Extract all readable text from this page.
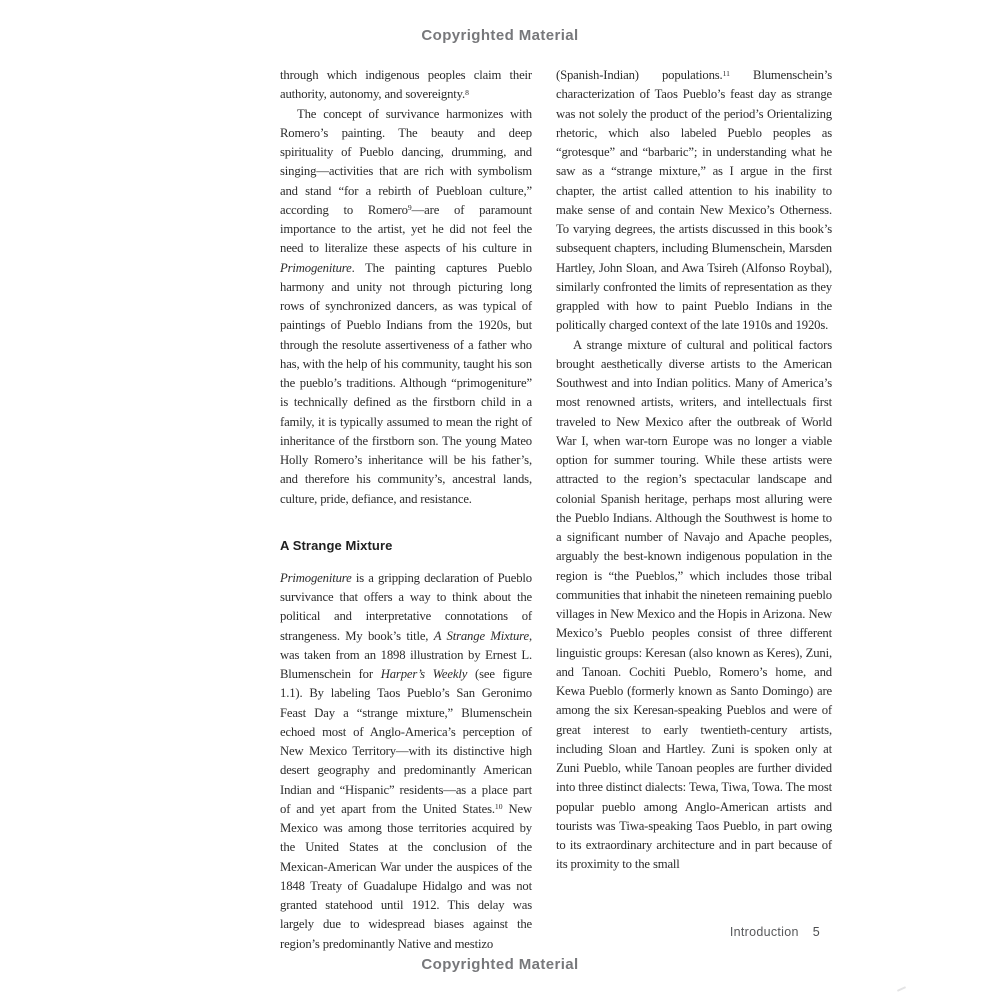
Copyrighted Material

through which indigenous peoples claim their authority, autonomy, and sovereignty.$^8$

The concept of survivance harmonizes with Romero’s painting. The beauty and deep spirituality of Pueblo dancing, drumming, and singing—activities that are rich with symbolism and stand “for a rebirth of Puebloan culture,” according to Romero$^9$—are of paramount importance to the artist, yet he did not feel the need to literalize these aspects of his culture in Primogeniture. The painting captures Pueblo harmony and unity not through picturing long rows of synchronized dancers, as was typical of paintings of Pueblo Indians from the 1920s, but through the resolute assertiveness of a father who has, with the help of his community, taught his son the pueblo’s traditions. Although “primogeniture” is technically defined as the firstborn child in a family, it is typically assumed to mean the right of inheritance of the firstborn son. The young Mateo Holly Romero’s inheritance will be his father’s, and therefore his community’s, ancestral lands, culture, pride, defiance, and resistance.

A Strange Mixture

Primogeniture is a gripping declaration of Pueblo survivance that offers a way to think about the political and interpretative connotations of strangeness. My book’s title, A Strange Mixture, was taken from an 1898 illustration by Ernest L. Blumenschein for Harper’s Weekly (see figure 1.1). By labeling Taos Pueblo’s San Geronimo Feast Day a “strange mixture,” Blumenschein echoed most of Anglo-America’s perception of New Mexico Territory—with its distinctive high desert geography and predominantly American Indian and “Hispanic” residents—as a place part of and yet apart from the United States.$^{10}$ New Mexico was among those territories acquired by the United States at the conclusion of the Mexican-American War under the auspices of the 1848 Treaty of Guadalupe Hidalgo and was not granted statehood until 1912. This delay was largely due to widespread biases against the region’s predominantly Native and mestizo

(Spanish-Indian) populations.$^{11}$ Blumenschein’s characterization of Taos Pueblo’s feast day as strange was not solely the product of the period’s Orientalizing rhetoric, which also labeled Pueblo peoples as “grotesque” and “barbaric”; in understanding what he saw as a “strange mixture,” as I argue in the first chapter, the artist called attention to his inability to make sense of and contain New Mexico’s Otherness. To varying degrees, the artists discussed in this book’s subsequent chapters, including Blumenschein, Marsden Hartley, John Sloan, and Awa Tsireh (Alfonso Roybal), similarly confronted the limits of representation as they grappled with how to paint Pueblo Indians in the politically charged context of the late 1910s and 1920s.

A strange mixture of cultural and political factors brought aesthetically diverse artists to the American Southwest and into Indian politics. Many of America’s most renowned artists, writers, and intellectuals first traveled to New Mexico after the outbreak of World War I, when war-torn Europe was no longer a viable option for summer touring. While these artists were attracted to the region’s spectacular landscape and colonial Spanish heritage, perhaps most alluring were the Pueblo Indians. Although the Southwest is home to a significant number of Navajo and Apache peoples, arguably the best-known indigenous population in the region is “the Pueblos,” which includes those tribal communities that inhabit the nineteen remaining pueblo villages in New Mexico and the Hopis in Arizona. New Mexico’s Pueblo peoples consist of three different linguistic groups: Keresan (also known as Keres), Zuni, and Tanoan. Cochiti Pueblo, Romero’s home, and Kewa Pueblo (formerly known as Santo Domingo) are among the six Keresan-speaking Pueblos and were of great interest to early twentieth-century artists, including Sloan and Hartley. Zuni is spoken only at Zuni Pueblo, while Tanoan peoples are further divided into three distinct dialects: Tewa, Tiwa, Towa. The most popular pueblo among Anglo-American artists and tourists was Tiwa-speaking Taos Pueblo, in part owing to its extraordinary architecture and in part because of its proximity to the small

Introduction 5
Copyrighted Material
